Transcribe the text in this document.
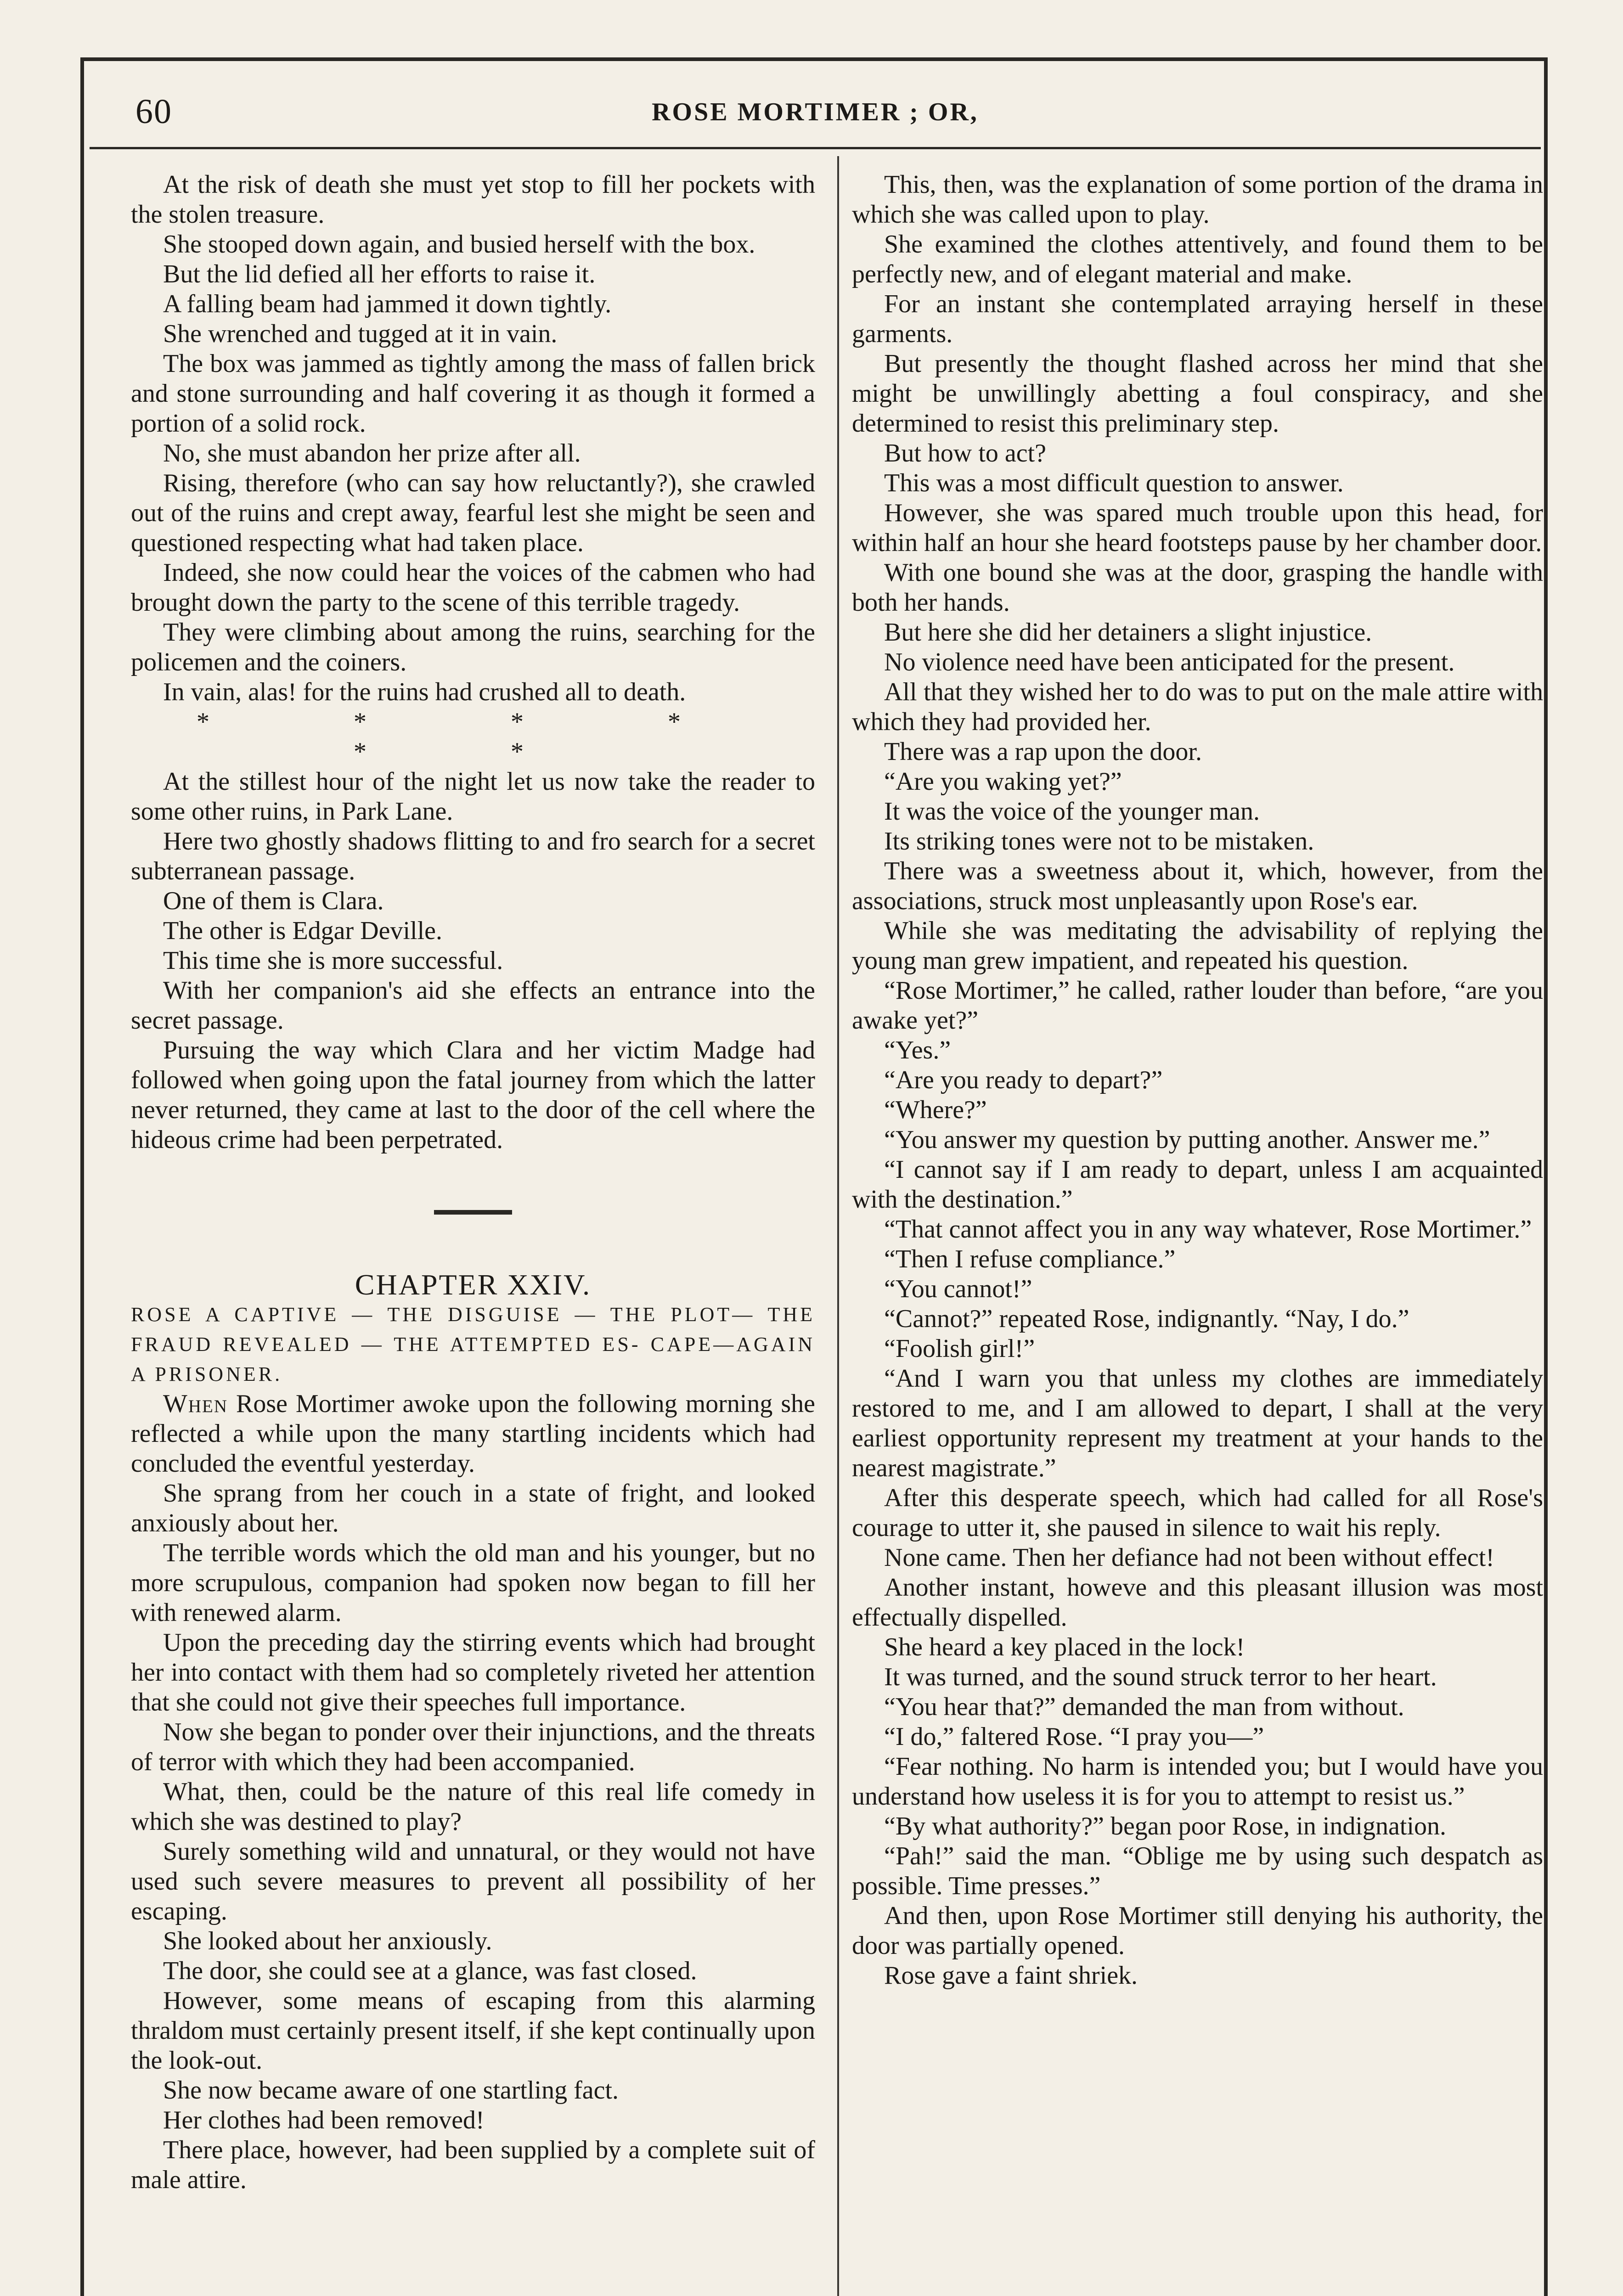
60	ROSE MORTIMER ; OR,

At the risk of death she must yet stop to fill her pockets with the stolen treasure.

She stooped down again, and busied herself with the box.

But the lid defied all her efforts to raise it.

A falling beam had jammed it down tightly.

She wrenched and tugged at it in vain.

The box was jammed as tightly among the mass of fallen brick and stone surrounding and half covering it as though it formed a portion of a solid rock.

No, she must abandon her prize after all.

Rising, therefore (who can say how reluctantly?), she crawled out of the ruins and crept away, fearful lest she might be seen and questioned respecting what had taken place.

Indeed, she now could hear the voices of the cabmen who had brought down the party to the scene of this terrible tragedy.

They were climbing about among the ruins, searching for the policemen and the coiners.

In vain, alas! for the ruins had crushed all to death.

* * * * * *

At the stillest hour of the night let us now take the reader to some other ruins, in Park Lane.

Here two ghostly shadows flitting to and fro search for a secret subterranean passage.

One of them is Clara.

The other is Edgar Deville.

This time she is more successful.

With her companion's aid she effects an entrance into the secret passage.

Pursuing the way which Clara and her victim Madge had followed when going upon the fatal journey from which the latter never returned, they came at last to the door of the cell where the hideous crime had been perpetrated.

CHAPTER XXIV.

ROSE A CAPTIVE — THE DISGUISE — THE PLOT— THE FRAUD REVEALED — THE ATTEMPTED ES- CAPE—AGAIN A PRISONER.

When Rose Mortimer awoke upon the following morning she reflected a while upon the many startling incidents which had concluded the eventful yesterday.

She sprang from her couch in a state of fright, and looked anxiously about her.

The terrible words which the old man and his younger, but no more scrupulous, companion had spoken now began to fill her with renewed alarm.

Upon the preceding day the stirring events which had brought her into contact with them had so completely riveted her attention that she could not give their speeches full importance.

Now she began to ponder over their injunctions, and the threats of terror with which they had been accompanied.

What, then, could be the nature of this real life comedy in which she was destined to play?

Surely something wild and unnatural, or they would not have used such severe measures to prevent all possibility of her escaping.

She looked about her anxiously.

The door, she could see at a glance, was fast closed.

However, some means of escaping from this alarming thraldom must certainly present itself, if she kept continually upon the look-out.

She now became aware of one startling fact.

Her clothes had been removed!

There place, however, had been supplied by a complete suit of male attire.

This, then, was the explanation of some portion of the drama in which she was called upon to play.

She examined the clothes attentively, and found them to be perfectly new, and of elegant material and make.

For an instant she contemplated arraying herself in these garments.

But presently the thought flashed across her mind that she might be unwillingly abetting a foul conspiracy, and she determined to resist this preliminary step.

But how to act?

This was a most difficult question to answer.

However, she was spared much trouble upon this head, for within half an hour she heard footsteps pause by her chamber door.

With one bound she was at the door, grasping the handle with both her hands.

But here she did her detainers a slight injustice.

No violence need have been anticipated for the present.

All that they wished her to do was to put on the male attire with which they had provided her.

There was a rap upon the door.

“Are you waking yet?”

It was the voice of the younger man.

Its striking tones were not to be mistaken.

There was a sweetness about it, which, however, from the associations, struck most unpleasantly upon Rose's ear.

While she was meditating the advisability of replying the young man grew impatient, and repeated his question.

“Rose Mortimer,” he called, rather louder than before, “are you awake yet?”

“Yes.”

“Are you ready to depart?”

“Where?”

“You answer my question by putting another. Answer me.”

“I cannot say if I am ready to depart, unless I am acquainted with the destination.”

“That cannot affect you in any way whatever, Rose Mortimer.”

“Then I refuse compliance.”

“You cannot!”

“Cannot?” repeated Rose, indignantly. “Nay, I do.”

“Foolish girl!”

“And I warn you that unless my clothes are immediately restored to me, and I am allowed to depart, I shall at the very earliest opportunity represent my treatment at your hands to the nearest magistrate.”

After this desperate speech, which had called for all Rose's courage to utter it, she paused in silence to wait his reply.

None came. Then her defiance had not been without effect!

Another instant, howeve and this pleasant illusion was most effectually dispelled.

She heard a key placed in the lock!

It was turned, and the sound struck terror to her heart.

“You hear that?” demanded the man from without.

“I do,” faltered Rose. “I pray you—”

“Fear nothing. No harm is intended you; but I would have you understand how useless it is for you to attempt to resist us.”

“By what authority?” began poor Rose, in indignation.

“Pah!” said the man. “Oblige me by using such despatch as possible. Time presses.”

And then, upon Rose Mortimer still denying his authority, the door was partially opened.

Rose gave a faint shriek.
